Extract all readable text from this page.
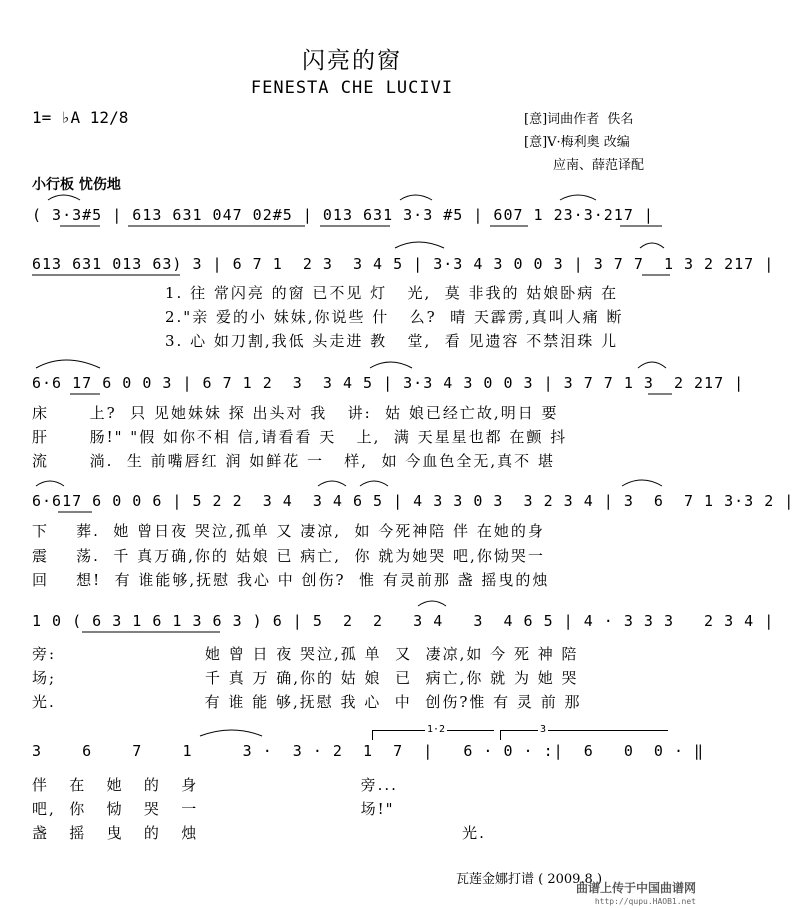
闪亮的窗
FENESTA CHE LUCIVI
1= ♭A 12/8	[意]词曲作者  佚名
[意]V·梅利奥 改编
应南、薛范译配
小行板 忧伤地
( 3·3#5 | 613 631 047 02#5 | 013 631 3·3 #5 | 607 1 23·3·217 |
613 631 013 63) 3 | 6 7 1  2 3  3 4 5 | 3·3 4 3 0 0 3 | 3 7 7  1 3 2 217 |
1. 往 常闪亮 的窗 已不见 灯   光,  莫 非我的 姑娘卧病 在
2."亲 爱的小 妹妹,你说些 什   么?  晴 天霹雳,真叫人痛 断
3. 心 如刀割,我低 头走进 教   堂,  看 见遗容 不禁泪珠 儿
6·6 17 6 0 0 3 | 6 7 1 2  3  3 4 5 | 3·3 4 3 0 0 3 | 3 7 7 1 3  2 217 |
床      上?  只 见她妹妹 探 出头对 我   讲:  姑 娘已经亡故,明日 要
肝      肠!" "假 如你不相 信,请看看 天   上,  满 天星星也都 在颤 抖
流      淌.  生 前嘴唇红 润 如鲜花 一   样,  如 今血色全无,真不 堪
6·617 6 0 0 6 | 5 2 2  3 4  3 4 6 5 | 4 3 3 0 3  3 2 3 4 | 3  6  7 1 3·3 2 |
下    葬.  她 曾日夜 哭泣,孤单 又 凄凉,  如 今死神陪 伴 在她的身
震    荡.  千 真万确,你的 姑娘 已 病亡,  你 就为她哭 吧,你恸哭一
回    想!  有 谁能够,抚慰 我心 中 创伤?  惟 有灵前那 盏 摇曳的烛
1 0 ( 6 3 1 6 1 3 6 3 ) 6 | 5  2  2   3 4   3  4 6 5 | 4 · 3 3 3   2 3 4 |
旁:                      她 曾 日 夜 哭泣,孤 单  又  凄凉,如 今 死 神 陪
场;                      千 真 万 确,你的 姑 娘  已  病亡,你 就 为 她 哭
光.                      有 谁 能 够,抚慰 我 心  中  创伤?惟 有 灵 前 那
1·2	3
3    6    7    1     3 ·  3 · 2  1  7  |   6 · 0 · :|  6   0  0 · ‖
伴   在   她   的   身                        旁...
吧,  你   恸   哭   一                        场!"
盏   摇   曳   的   烛                                       光.
瓦莲金娜打谱 ( 2009.8 )
曲谱上传于中国曲谱网
http://qupu.HAOB1.net
